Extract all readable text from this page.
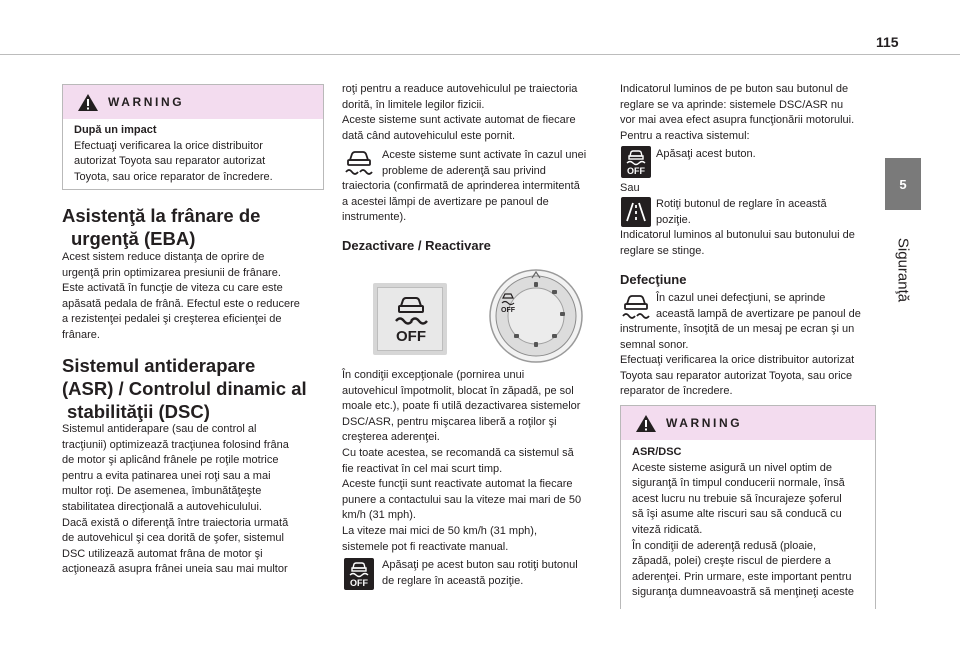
115
5
Siguranţă
WARNING
După un impact
Efectuaţi verificarea la orice distribuitor
autorizat Toyota sau reparator autorizat
Toyota, sau orice reparator de încredere.
Asistenţă la frânare de
urgenţă (EBA)
Acest sistem reduce distanţa de oprire de
urgenţă prin optimizarea presiunii de frânare.
Este activată în funcţie de viteza cu care este
apăsată pedala de frână. Efectul este o reducere
a rezistenţei pedalei şi creşterea eficienţei de
frânare.
Sistemul antiderapare
(ASR) / Controlul dinamic al
stabilităţii (DSC)
Sistemul antiderapare (sau de control al
tracţiunii) optimizează tracţiunea folosind frâna
de motor şi aplicând frânele pe roţile motrice
pentru a evita patinarea unei roţi sau a mai
multor roţi. De asemenea, îmbunătăţeşte
stabilitatea direcţională a autovehiculului.
Dacă există o diferenţă între traiectoria urmată
de autovehicul şi cea dorită de şofer, sistemul
DSC utilizează automat frâna de motor şi
acţionează asupra frânei uneia sau mai multor
roţi pentru a readuce autovehiculul pe traiectoria
dorită, în limitele legilor fizicii.
Aceste sisteme sunt activate automat de fiecare
dată când autovehiculul este pornit.
Aceste sisteme sunt activate în cazul unei
probleme de aderenţă sau privind
traiectoria (confirmată de aprinderea intermitentă
a acestei lămpi de avertizare pe panoul de
instrumente).
Dezactivare / Reactivare
OFF
OFF
În condiţii excepţionale (pornirea unui
autovehicul împotmolit, blocat în zăpadă, pe sol
moale etc.), poate fi utilă dezactivarea sistemelor
DSC/ASR, pentru mişcarea liberă a roţilor şi
creşterea aderenţei.
Cu toate acestea, se recomandă ca sistemul să
fie reactivat în cel mai scurt timp.
Aceste funcţii sunt reactivate automat la fiecare
punere a contactului sau la viteze mai mari de 50
km/h (31 mph).
La viteze mai mici de 50 km/h (31 mph),
sistemele pot fi reactivate manual.
OFF
Apăsaţi pe acest buton sau rotiţi butonul
de reglare în această poziţie.
Indicatorul luminos de pe buton sau butonul de
reglare se va aprinde: sistemele DSC/ASR nu
vor mai avea efect asupra funcţionării motorului.
Pentru a reactiva sistemul:
OFF
Apăsaţi acest buton.
Sau
Rotiţi butonul de reglare în această
poziţie.
Indicatorul luminos al butonului sau butonului de
reglare se stinge.
Defecţiune
În cazul unei defecţiuni, se aprinde
această lampă de avertizare pe panoul de
instrumente, însoţită de un mesaj pe ecran şi un
semnal sonor.
Efectuaţi verificarea la orice distribuitor autorizat
Toyota sau reparator autorizat Toyota, sau orice
reparator de încredere.
WARNING
ASR/DSC
Aceste sisteme asigură un nivel optim de
siguranţă în timpul conducerii normale, însă
acest lucru nu trebuie să încurajeze şoferul
să îşi asume alte riscuri sau să conducă cu
viteză ridicată.
În condiţii de aderenţă redusă (ploaie,
zăpadă, polei) creşte riscul de pierdere a
aderenţei. Prin urmare, este important pentru
siguranţa dumneavoastră să menţineţi aceste
